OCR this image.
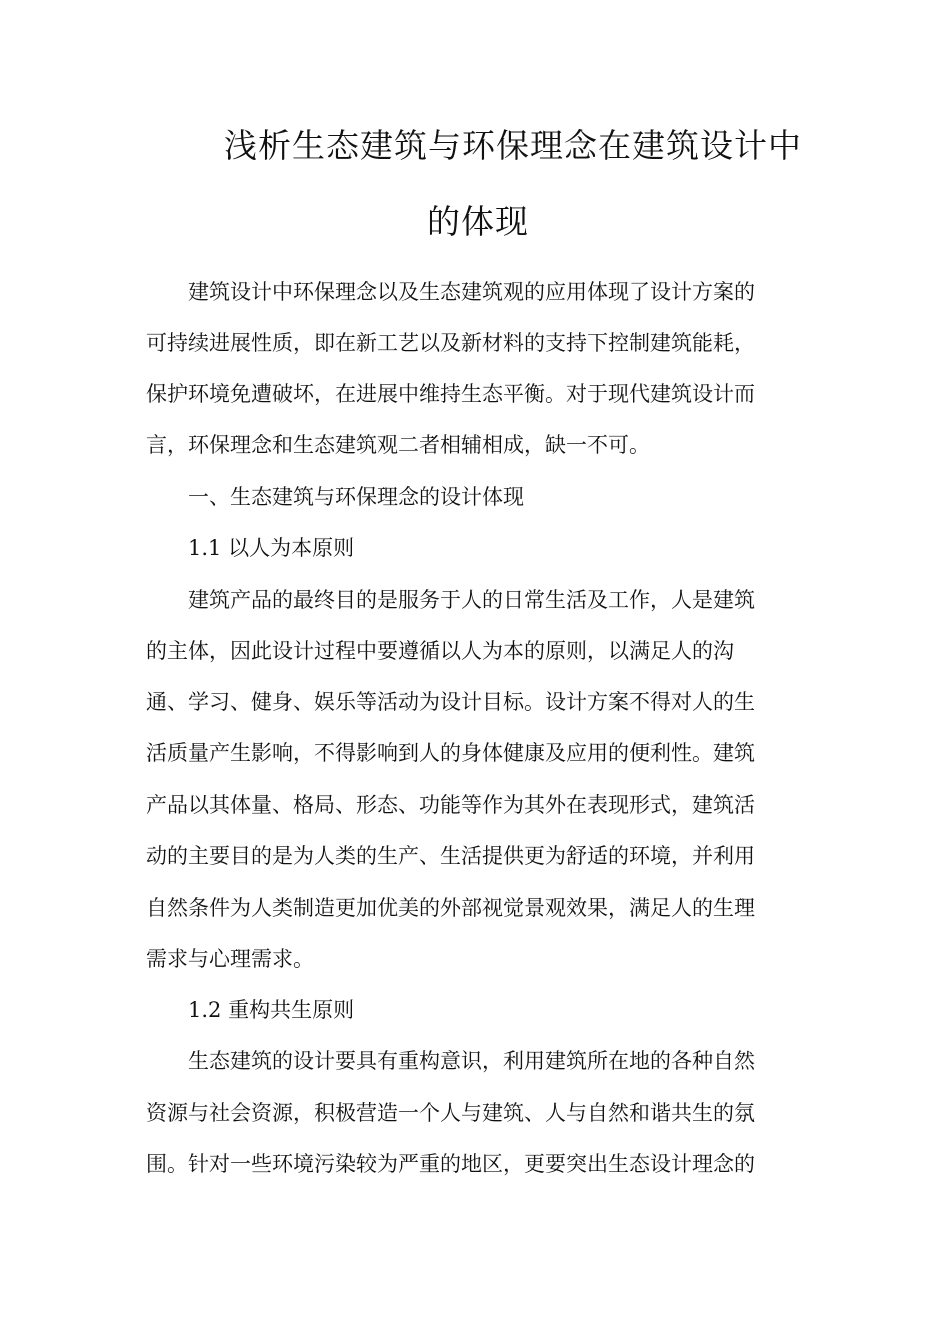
浅析生态建筑与环保理念在建筑设计中
的体现
　　建筑设计中环保理念以及生态建筑观的应用体现了设计方案的
可持续进展性质，即在新工艺以及新材料的支持下控制建筑能耗，
保护环境免遭破坏，在进展中维持生态平衡。对于现代建筑设计而
言，环保理念和生态建筑观二者相辅相成，缺一不可。
　　一、生态建筑与环保理念的设计体现
　　1.1 以人为本原则
　　建筑产品的最终目的是服务于人的日常生活及工作，人是建筑
的主体，因此设计过程中要遵循以人为本的原则，以满足人的沟
通、学习、健身、娱乐等活动为设计目标。设计方案不得对人的生
活质量产生影响，不得影响到人的身体健康及应用的便利性。建筑
产品以其体量、格局、形态、功能等作为其外在表现形式，建筑活
动的主要目的是为人类的生产、生活提供更为舒适的环境，并利用
自然条件为人类制造更加优美的外部视觉景观效果，满足人的生理
需求与心理需求。
　　1.2 重构共生原则
　　生态建筑的设计要具有重构意识，利用建筑所在地的各种自然
资源与社会资源，积极营造一个人与建筑、人与自然和谐共生的氛
围。针对一些环境污染较为严重的地区，更要突出生态设计理念的
